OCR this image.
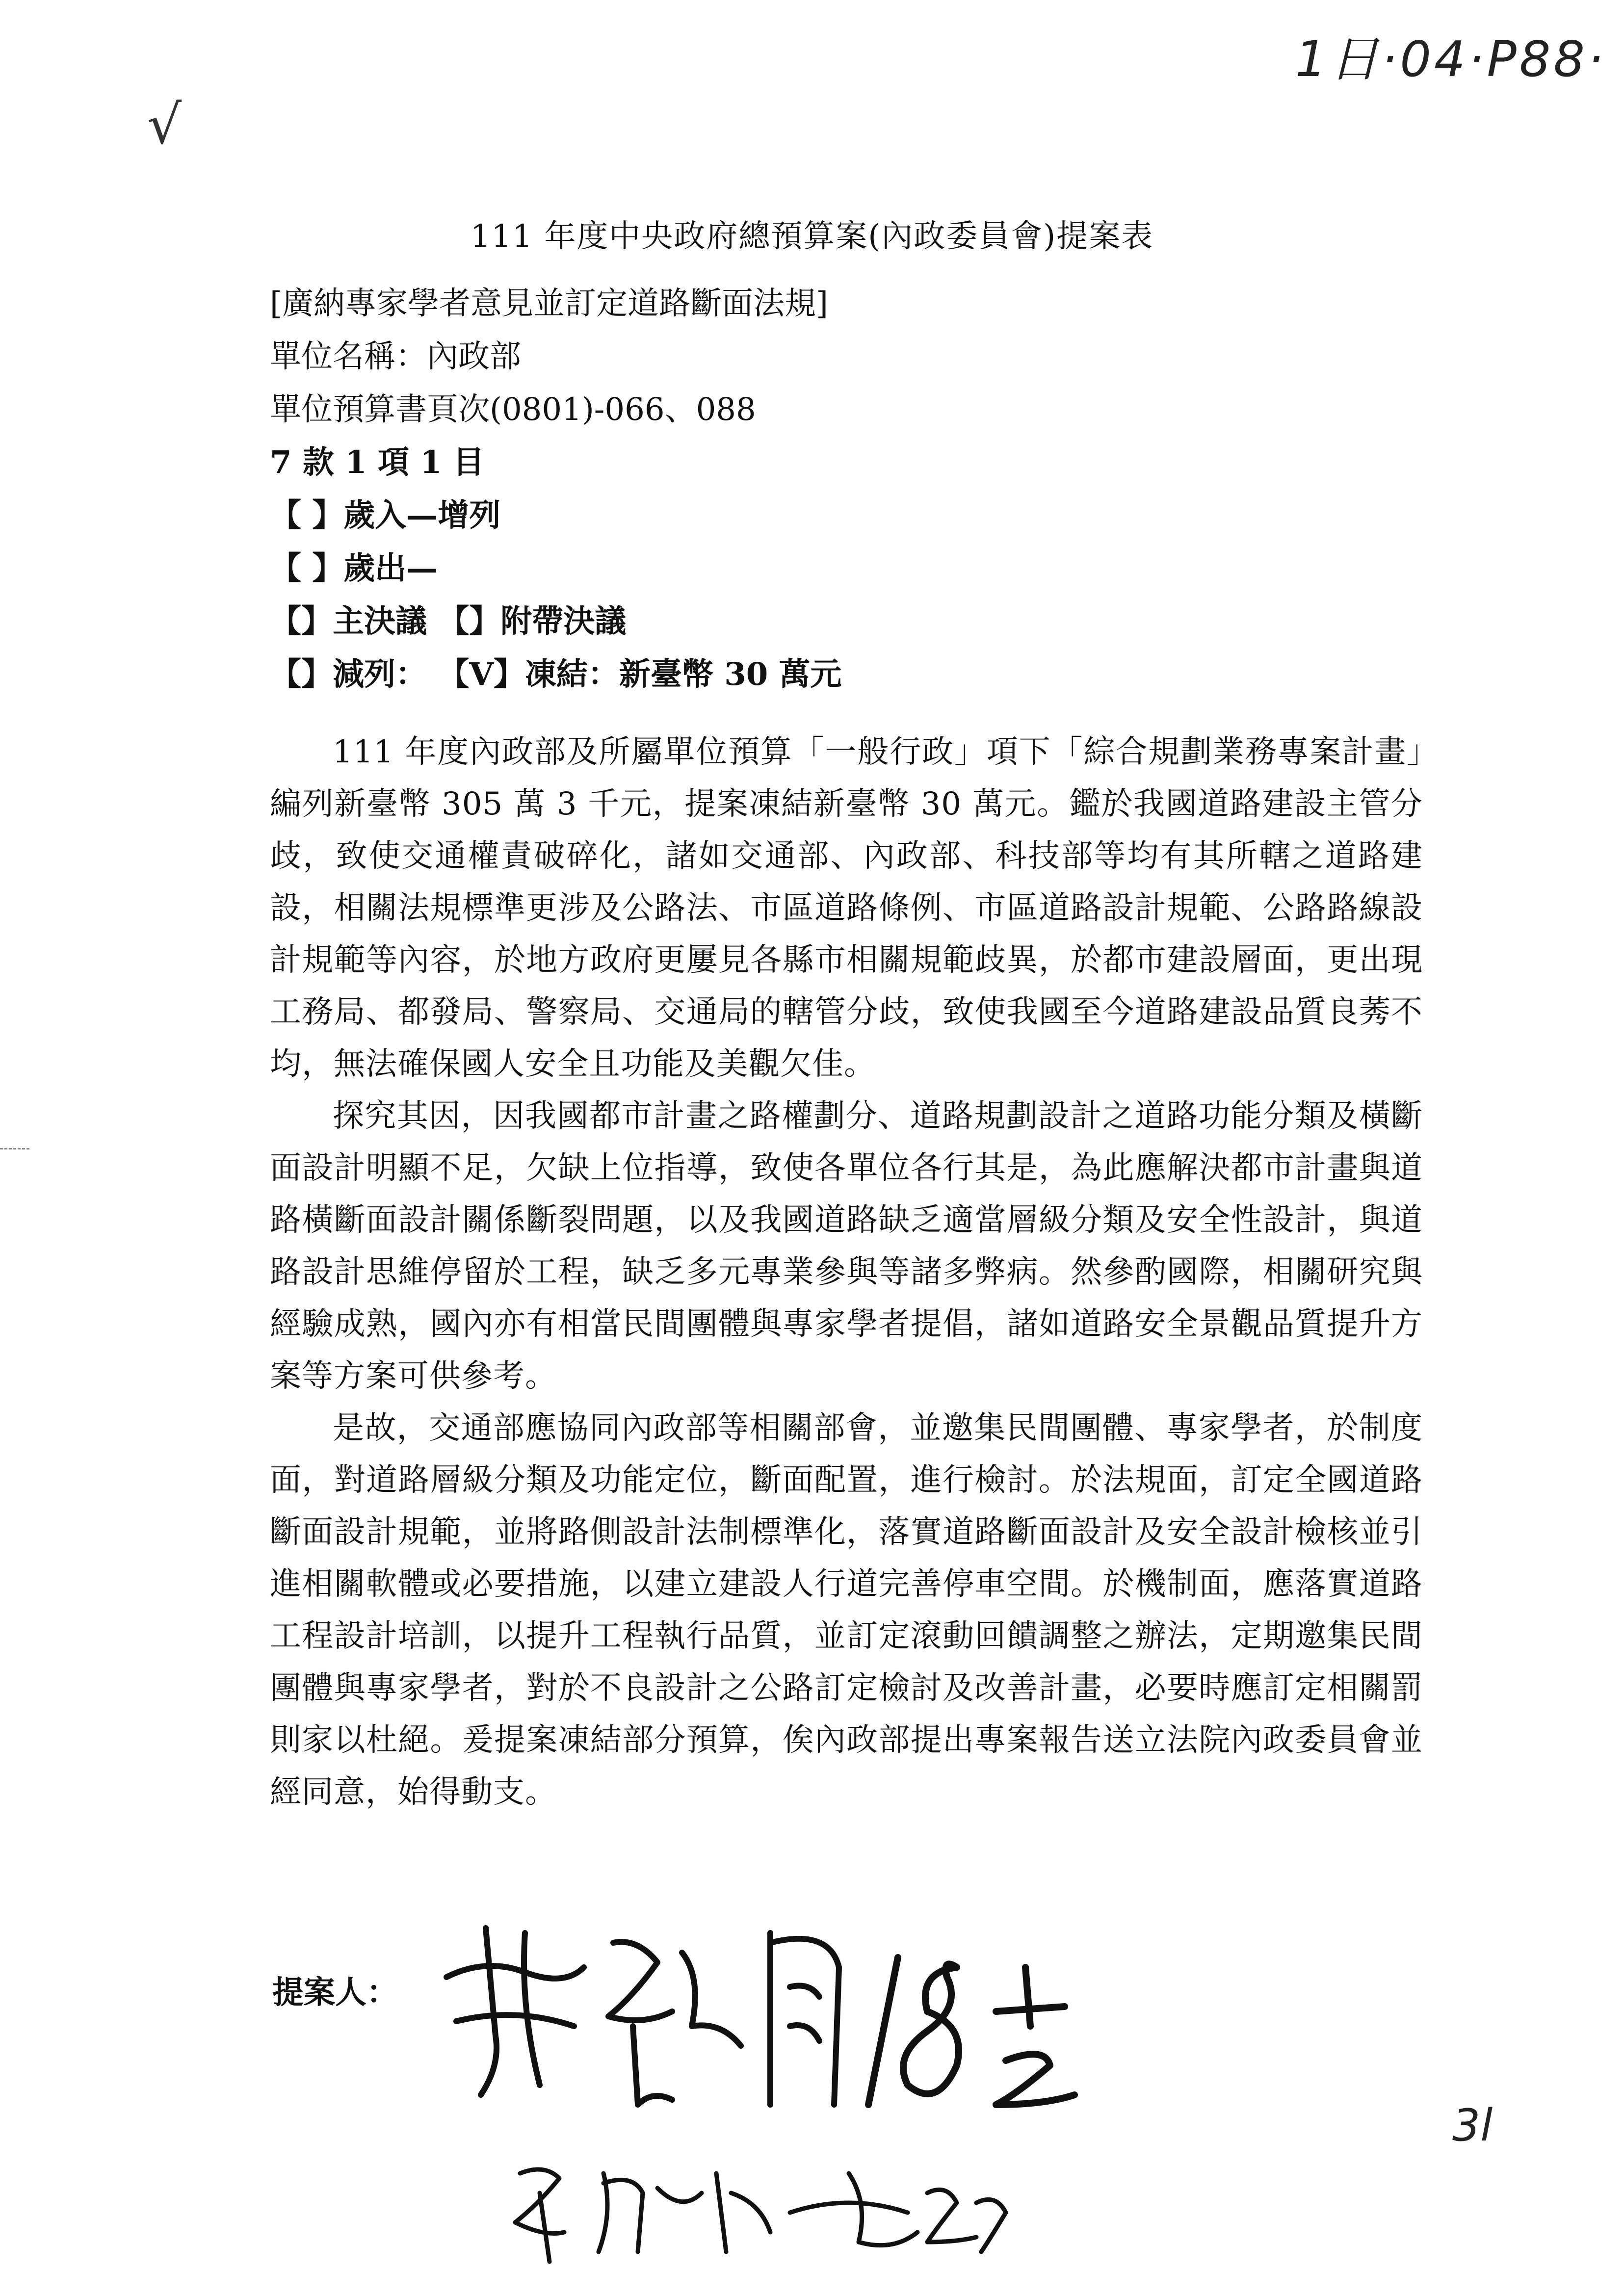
1日·04·P88·
√
111 年度中央政府總預算案(內政委員會)提案表
[廣納專家學者意見並訂定道路斷面法規]
單位名稱：內政部
單位預算書頁次(0801)-066、088
7 款 1 項 1 目
【 】歲入—增列
【 】歲出—
【】主決議 【】附帶決議
【】減列： 【V】凍結：新臺幣 30 萬元

111 年度內政部及所屬單位預算「一般行政」項下「綜合規劃業務專案計畫」編列新臺幣 305 萬 3 千元，提案凍結新臺幣 30 萬元。鑑於我國道路建設主管分歧，致使交通權責破碎化，諸如交通部、內政部、科技部等均有其所轄之道路建設，相關法規標準更涉及公路法、市區道路條例、市區道路設計規範、公路路線設計規範等內容，於地方政府更屢見各縣市相關規範歧異，於都市建設層面，更出現工務局、都發局、警察局、交通局的轄管分歧，致使我國至今道路建設品質良莠不均，無法確保國人安全且功能及美觀欠佳。

探究其因，因我國都市計畫之路權劃分、道路規劃設計之道路功能分類及橫斷面設計明顯不足，欠缺上位指導，致使各單位各行其是，為此應解決都市計畫與道路橫斷面設計關係斷裂問題，以及我國道路缺乏適當層級分類及安全性設計，與道路設計思維停留於工程，缺乏多元專業參與等諸多弊病。然參酌國際，相關研究與經驗成熟，國內亦有相當民間團體與專家學者提倡，諸如道路安全景觀品質提升方案等方案可供參考。

是故，交通部應協同內政部等相關部會，並邀集民間團體、專家學者，於制度面，對道路層級分類及功能定位，斷面配置，進行檢討。於法規面，訂定全國道路斷面設計規範，並將路側設計法制標準化，落實道路斷面設計及安全設計檢核並引進相關軟體或必要措施，以建立建設人行道完善停車空間。於機制面，應落實道路工程設計培訓，以提升工程執行品質，並訂定滾動回饋調整之辦法，定期邀集民間團體與專家學者，對於不良設計之公路訂定檢討及改善計畫，必要時應訂定相關罰則家以杜絕。爰提案凍結部分預算，俟內政部提出專案報告送立法院內政委員會並經同意，始得動支。

提案人：
3l
